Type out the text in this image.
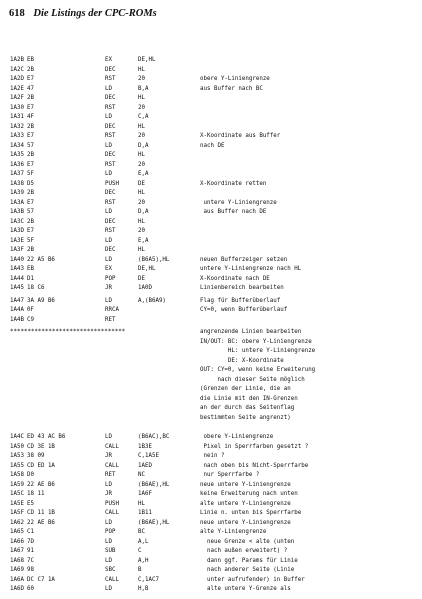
618 Die Listings der CPC-ROMs
1A2B EB	EX	DE,HL
1A2C 2B	DEC	HL
1A2D E7	RST	20	obere Y-Liniengrenze
1A2E 47	LD	B,A	aus Buffer nach BC
1A2F 2B	DEC	HL
1A30 E7	RST	20
1A31 4F	LD	C,A
1A32 2B	DEC	HL
1A33 E7	RST	20	X-Koordinate aus Buffer
1A34 57	LD	D,A	nach DE
1A35 2B	DEC	HL
1A36 E7	RST	20
1A37 5F	LD	E,A
1A38 D5	PUSH	DE	X-Koordinate retten
1A39 2B	DEC	HL
1A3A E7	RST	20	untere Y-Liniengrenze
1A3B 57	LD	D,A	aus Buffer nach DE
1A3C 2B	DEC	HL
1A3D E7	RST	20
1A3E 5F	LD	E,A
1A3F 2B	DEC	HL
1A40 22 A5 B6	LD	(B6A5),HL	neuen Bufferzeiger setzen
1A43 EB	EX	DE,HL	untere Y-Liniengrenze nach HL
1A44 D1	POP	DE	X-Koordinate nach DE
1A45 18 C6	JR	1A0D	Linienbereich bearbeiten
1A47 3A A9 B6	LD	A,(B6A9)	Flag für Bufferüberlauf
1A4A 0F	RRCA	CY=0, wenn Bufferüberlauf
1A4B C9	RET
*********************************	angrenzende Linien bearbeiten
IN/OUT: BC: obere Y-Liniengrenze
HL: untere Y-Liniengrenze
DE: X-Koordinate
OUT: CY=0, wenn keine Erweiterung
nach dieser Seite möglich
(Grenzen der Linie, die an
die Linie mit den IN-Grenzen
an der durch das Seitenflag
bestimmten Seite angrenzt)
1A4C ED 43 AC B6	LD	(B6AC),BC	obere Y-Liniengrenze
1A50 CD 3E 1B	CALL	1B3E	Pixel in Sperrfarben gesetzt ?
1A53 38 09	JR	C,1A5E	nein ?
1A55 CD ED 1A	CALL	1AED	nach oben bis Nicht-Sperrfarbe
1A58 D0	RET	NC	nur Sperrfarbe ?
1A59 22 AE B6	LD	(B6AE),HL	neue untere Y-Liniengrenze
1A5C 18 11	JR	1A6F	keine Erweiterung nach unten
1A5E E5	PUSH	HL	alte untere Y-Liniengrenze
1A5F CD 11 1B	CALL	1B11	Linie n. unten bis Sperrfarbe
1A62 22 AE B6	LD	(B6AE),HL	neue untere Y-Liniengrenze
1A65 C1	POP	BC	alte Y-Liniengrenze
1A66 7D	LD	A,L	neue Grenze < alte (unten
1A67 91	SUB	C	nach außen erweitert) ?
1A68 7C	LD	A,H	dann ggf. Params für Linie
1A69 98	SBC	B	nach anderer Seite (Linie
1A6A DC C7 1A	CALL	C,1AC7	unter aufrufender) in Buffer
1A6D 60	LD	H,B	alte untere Y-Grenze als
